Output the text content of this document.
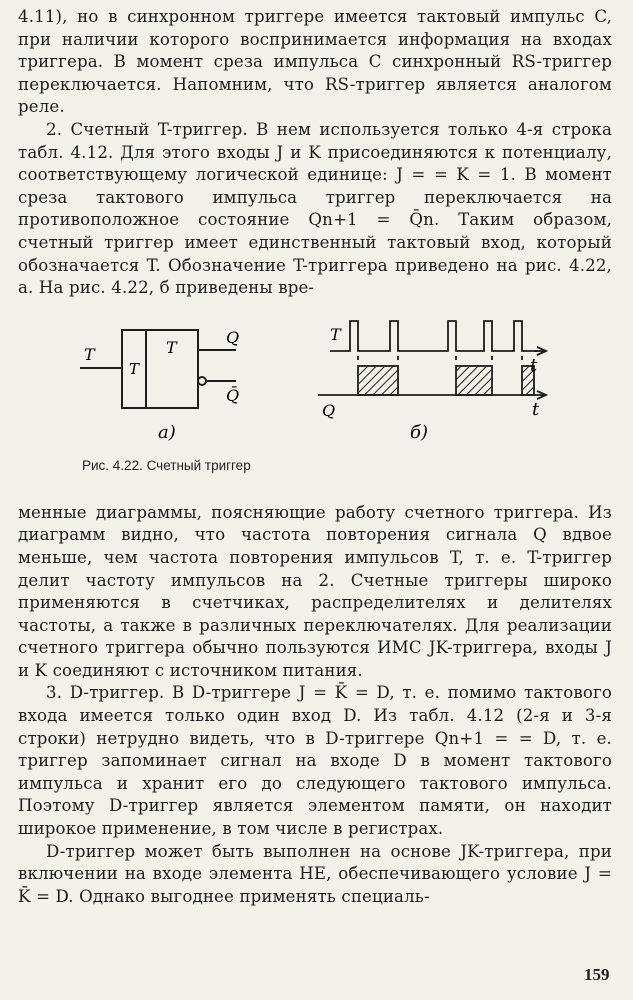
4.11), но в синхронном триггере имеется тактовый импульс C, при наличии которого воспринимается информация на входах триггера. В момент среза импульса C синхронный RS-триггер переключается. Напомним, что RS-триггер является аналогом реле.

2. Счетный T-триггер. В нем используется только 4-я строка табл. 4.12. Для этого входы J и K присоединяются к потенциалу, соответствующему логической единице: J = = K = 1. В момент среза тактового импульса триггер переключается на противоположное состояние Qn+1 = Q̄n. Таким образом, счетный триггер имеет единственный тактовый вход, который обозначается T. Обозначение T-триггера приведено на рис. 4.22, а. На рис. 4.22, б приведены вре-

T
T
T
Q
Q̄
а)
T
Q
t
t
б)
Рис. 4.22. Счетный триггер

менные диаграммы, поясняющие работу счетного триггера. Из диаграмм видно, что частота повторения сигнала Q вдвое меньше, чем частота повторения импульсов T, т. е. T-триггер делит частоту импульсов на 2. Счетные триггеры широко применяются в счетчиках, распределителях и делителях частоты, а также в различных переключателях. Для реализации счетного триггера обычно пользуются ИМС JK-триггера, входы J и K соединяют с источником питания.

3. D-триггер. В D-триггере J = K̄ = D, т. е. помимо тактового входа имеется только один вход D. Из табл. 4.12 (2-я и 3-я строки) нетрудно видеть, что в D-триггере Qn+1 = = D, т. е. триггер запоминает сигнал на входе D в момент тактового импульса и хранит его до следующего тактового импульса. Поэтому D-триггер является элементом памяти, он находит широкое применение, в том числе в регистрах.

D-триггер может быть выполнен на основе JK-триггера, при включении на входе элемента НЕ, обеспечивающего условие J = K̄ = D. Однако выгоднее применять специаль-

159
